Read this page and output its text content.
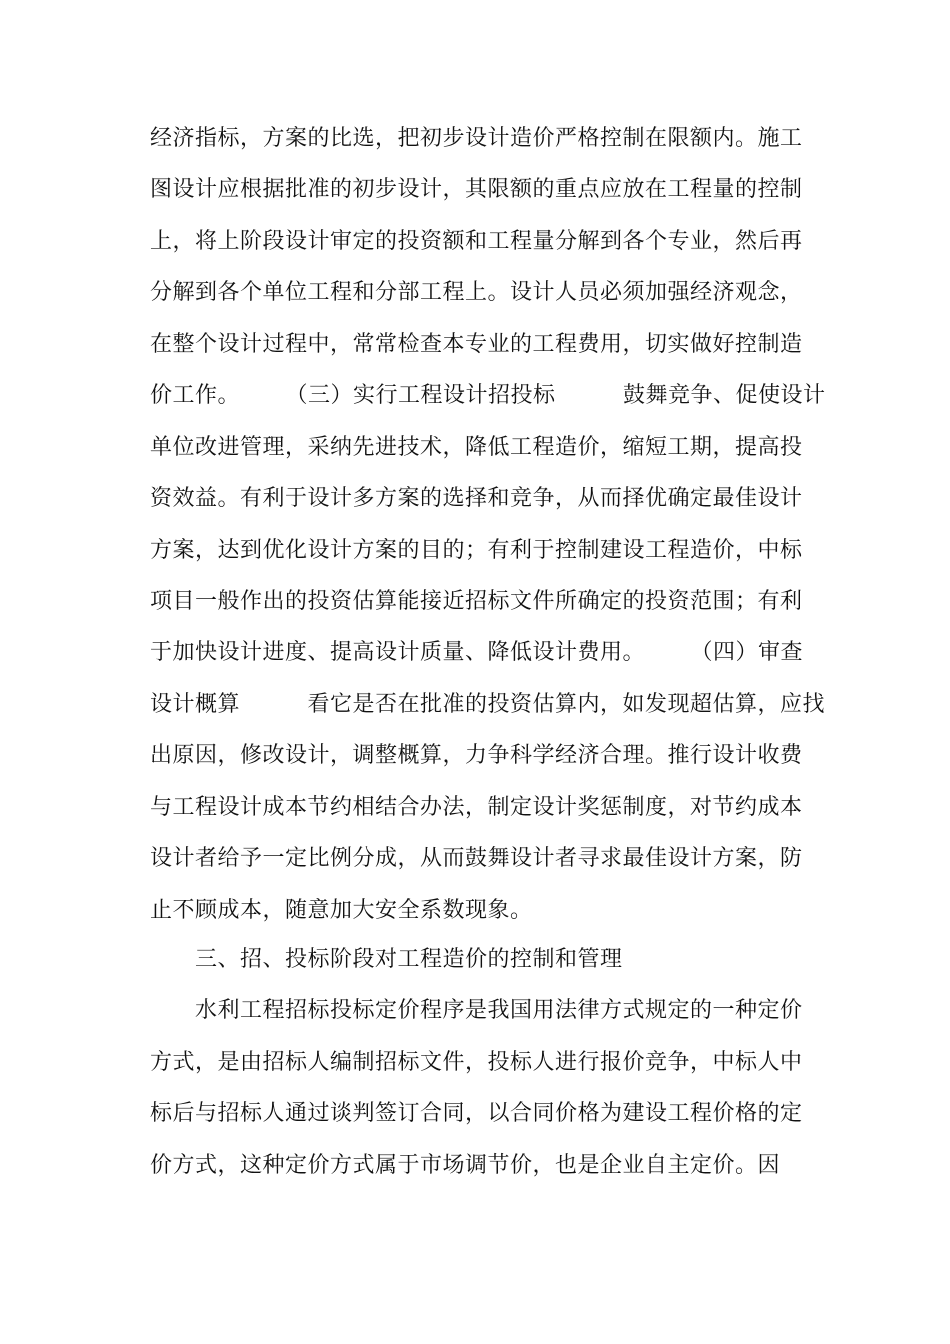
经济指标，方案的比选，把初步设计造价严格控制在限额内。施工
图设计应根据批准的初步设计，其限额的重点应放在工程量的控制
上，将上阶段设计审定的投资额和工程量分解到各个专业，然后再
分解到各个单位工程和分部工程上。设计人员必须加强经济观念，
在整个设计过程中，常常检查本专业的工程费用，切实做好控制造
价工作。　　　（三）实行工程设计招投标　　　鼓舞竞争、促使设计
单位改进管理，采纳先进技术，降低工程造价，缩短工期，提高投
资效益。有利于设计多方案的选择和竞争，从而择优确定最佳设计
方案，达到优化设计方案的目的；有利于控制建设工程造价，中标
项目一般作出的投资估算能接近招标文件所确定的投资范围；有利
于加快设计进度、提高设计质量、降低设计费用。　　　（四）审查
设计概算　　　看它是否在批准的投资估算内，如发现超估算，应找
出原因，修改设计，调整概算，力争科学经济合理。推行设计收费
与工程设计成本节约相结合办法，制定设计奖惩制度，对节约成本
设计者给予一定比例分成，从而鼓舞设计者寻求最佳设计方案，防
止不顾成本，随意加大安全系数现象。
　　三、招、投标阶段对工程造价的控制和管理
　　水利工程招标投标定价程序是我国用法律方式规定的一种定价
方式，是由招标人编制招标文件，投标人进行报价竞争，中标人中
标后与招标人通过谈判签订合同，以合同价格为建设工程价格的定
价方式，这种定价方式属于市场调节价，也是企业自主定价。因
